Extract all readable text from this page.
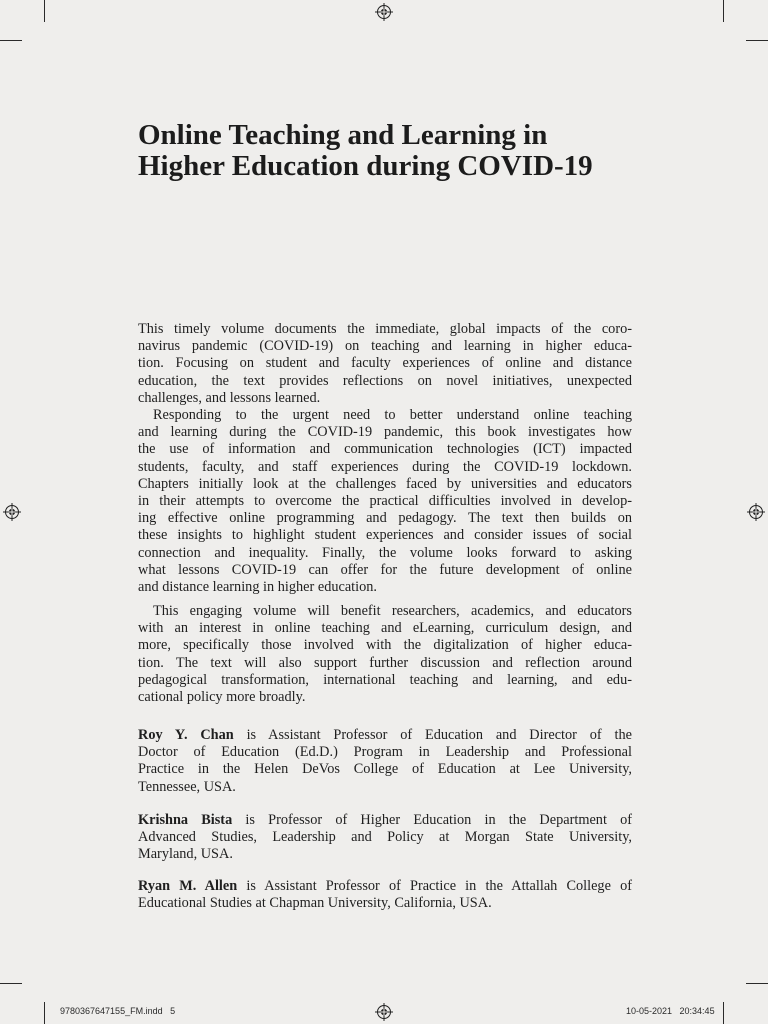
Online Teaching and Learning in
Higher Education during COVID-19
This timely volume documents the immediate, global impacts of the coro-
navirus pandemic (COVID-19) on teaching and learning in higher educa-
tion. Focusing on student and faculty experiences of online and distance
education, the text provides reflections on novel initiatives, unexpected
challenges, and lessons learned.
Responding to the urgent need to better understand online teaching
and learning during the COVID-19 pandemic, this book investigates how
the use of information and communication technologies (ICT) impacted
students, faculty, and staff experiences during the COVID-19 lockdown.
Chapters initially look at the challenges faced by universities and educators
in their attempts to overcome the practical difficulties involved in develop-
ing effective online programming and pedagogy. The text then builds on
these insights to highlight student experiences and consider issues of social
connection and inequality. Finally, the volume looks forward to asking
what lessons COVID-19 can offer for the future development of online
and distance learning in higher education.
This engaging volume will benefit researchers, academics, and educators
with an interest in online teaching and eLearning, curriculum design, and
more, specifically those involved with the digitalization of higher educa-
tion. The text will also support further discussion and reflection around
pedagogical transformation, international teaching and learning, and edu-
cational policy more broadly.
Roy Y. Chan is Assistant Professor of Education and Director of the
Doctor of Education (Ed.D.) Program in Leadership and Professional
Practice in the Helen DeVos College of Education at Lee University,
Tennessee, USA.
Krishna Bista is Professor of Higher Education in the Department of
Advanced Studies, Leadership and Policy at Morgan State University,
Maryland, USA.
Ryan M. Allen is Assistant Professor of Practice in the Attallah College of
Educational Studies at Chapman University, California, USA.
9780367647155_FM.indd   5	10-05-2021   20:34:45
